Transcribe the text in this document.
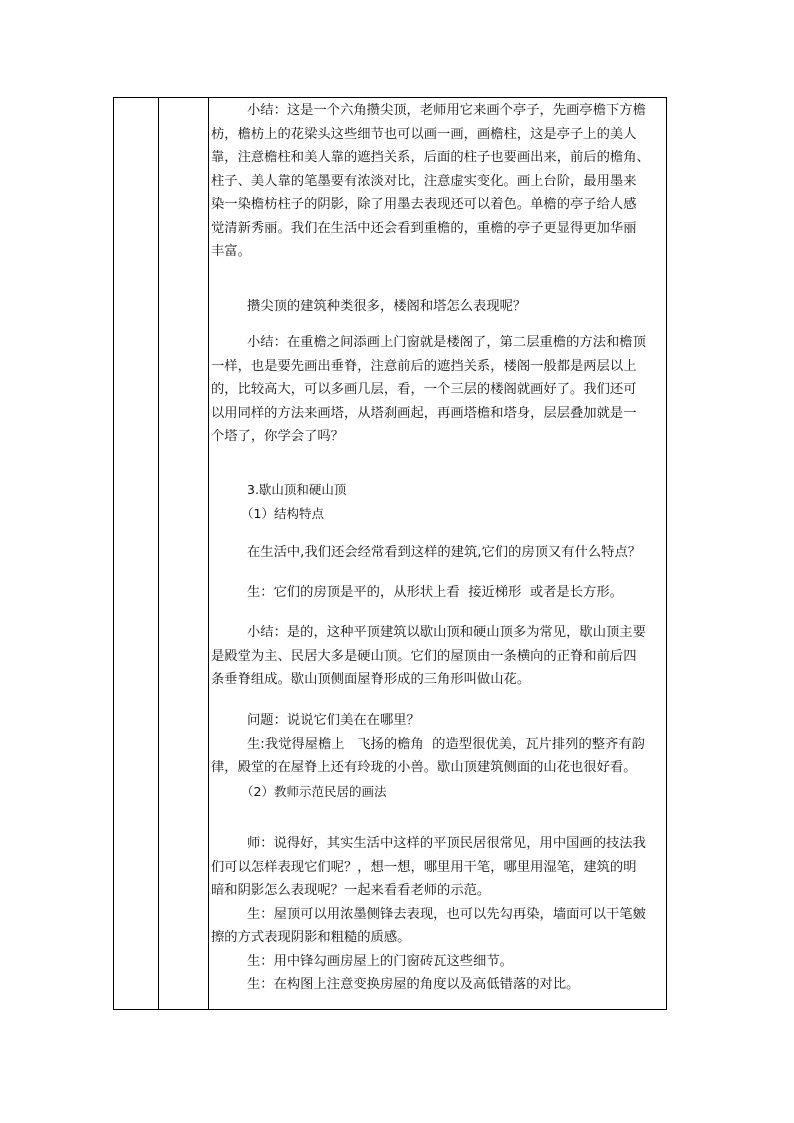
小结：这是一个六角攒尖顶，老师用它来画个亭子，先画亭檐下方檐

枋，檐枋上的花梁头这些细节也可以画一画，画檐柱，这是亭子上的美人

靠，注意檐柱和美人靠的遮挡关系，后面的柱子也要画出来，前后的檐角、

柱子、美人靠的笔墨要有浓淡对比，注意虚实变化。画上台阶，最用墨来

染一染檐枋柱子的阴影，除了用墨去表现还可以着色。单檐的亭子给人感

觉清新秀丽。我们在生活中还会看到重檐的，重檐的亭子更显得更加华丽

丰富。

攒尖顶的建筑种类很多，楼阁和塔怎么表现呢？

小结：在重檐之间添画上门窗就是楼阁了，第二层重檐的方法和檐顶

一样，也是要先画出垂脊，注意前后的遮挡关系，楼阁一般都是两层以上

的，比较高大，可以多画几层，看，一个三层的楼阁就画好了。我们还可

以用同样的方法来画塔，从塔刹画起，再画塔檐和塔身，层层叠加就是一

个塔了，你学会了吗？

3.歇山顶和硬山顶

（1）结构特点

在生活中,我们还会经常看到这样的建筑,它们的房顶又有什么特点？

生：它们的房顶是平的，从形状上看  接近梯形  或者是长方形。

小结：是的，这种平顶建筑以歇山顶和硬山顶多为常见，歇山顶主要

是殿堂为主、民居大多是硬山顶。它们的屋顶由一条横向的正脊和前后四

条垂脊组成。歇山顶侧面屋脊形成的三角形叫做山花。

问题：说说它们美在在哪里？

生:我觉得屋檐上   飞扬的檐角  的造型很优美，瓦片排列的整齐有韵

律，殿堂的在屋脊上还有玲珑的小兽。歇山顶建筑侧面的山花也很好看。

（2）教师示范民居的画法

师：说得好，其实生活中这样的平顶民居很常见，用中国画的技法我

们可以怎样表现它们呢？，想一想，哪里用干笔，哪里用湿笔，建筑的明

暗和阴影怎么表现呢？一起来看看老师的示范。

生：屋顶可以用浓墨侧锋去表现，也可以先勾再染，墙面可以干笔皴

擦的方式表现阴影和粗糙的质感。

生：用中锋勾画房屋上的门窗砖瓦这些细节。

生：在构图上注意变换房屋的角度以及高低错落的对比。
